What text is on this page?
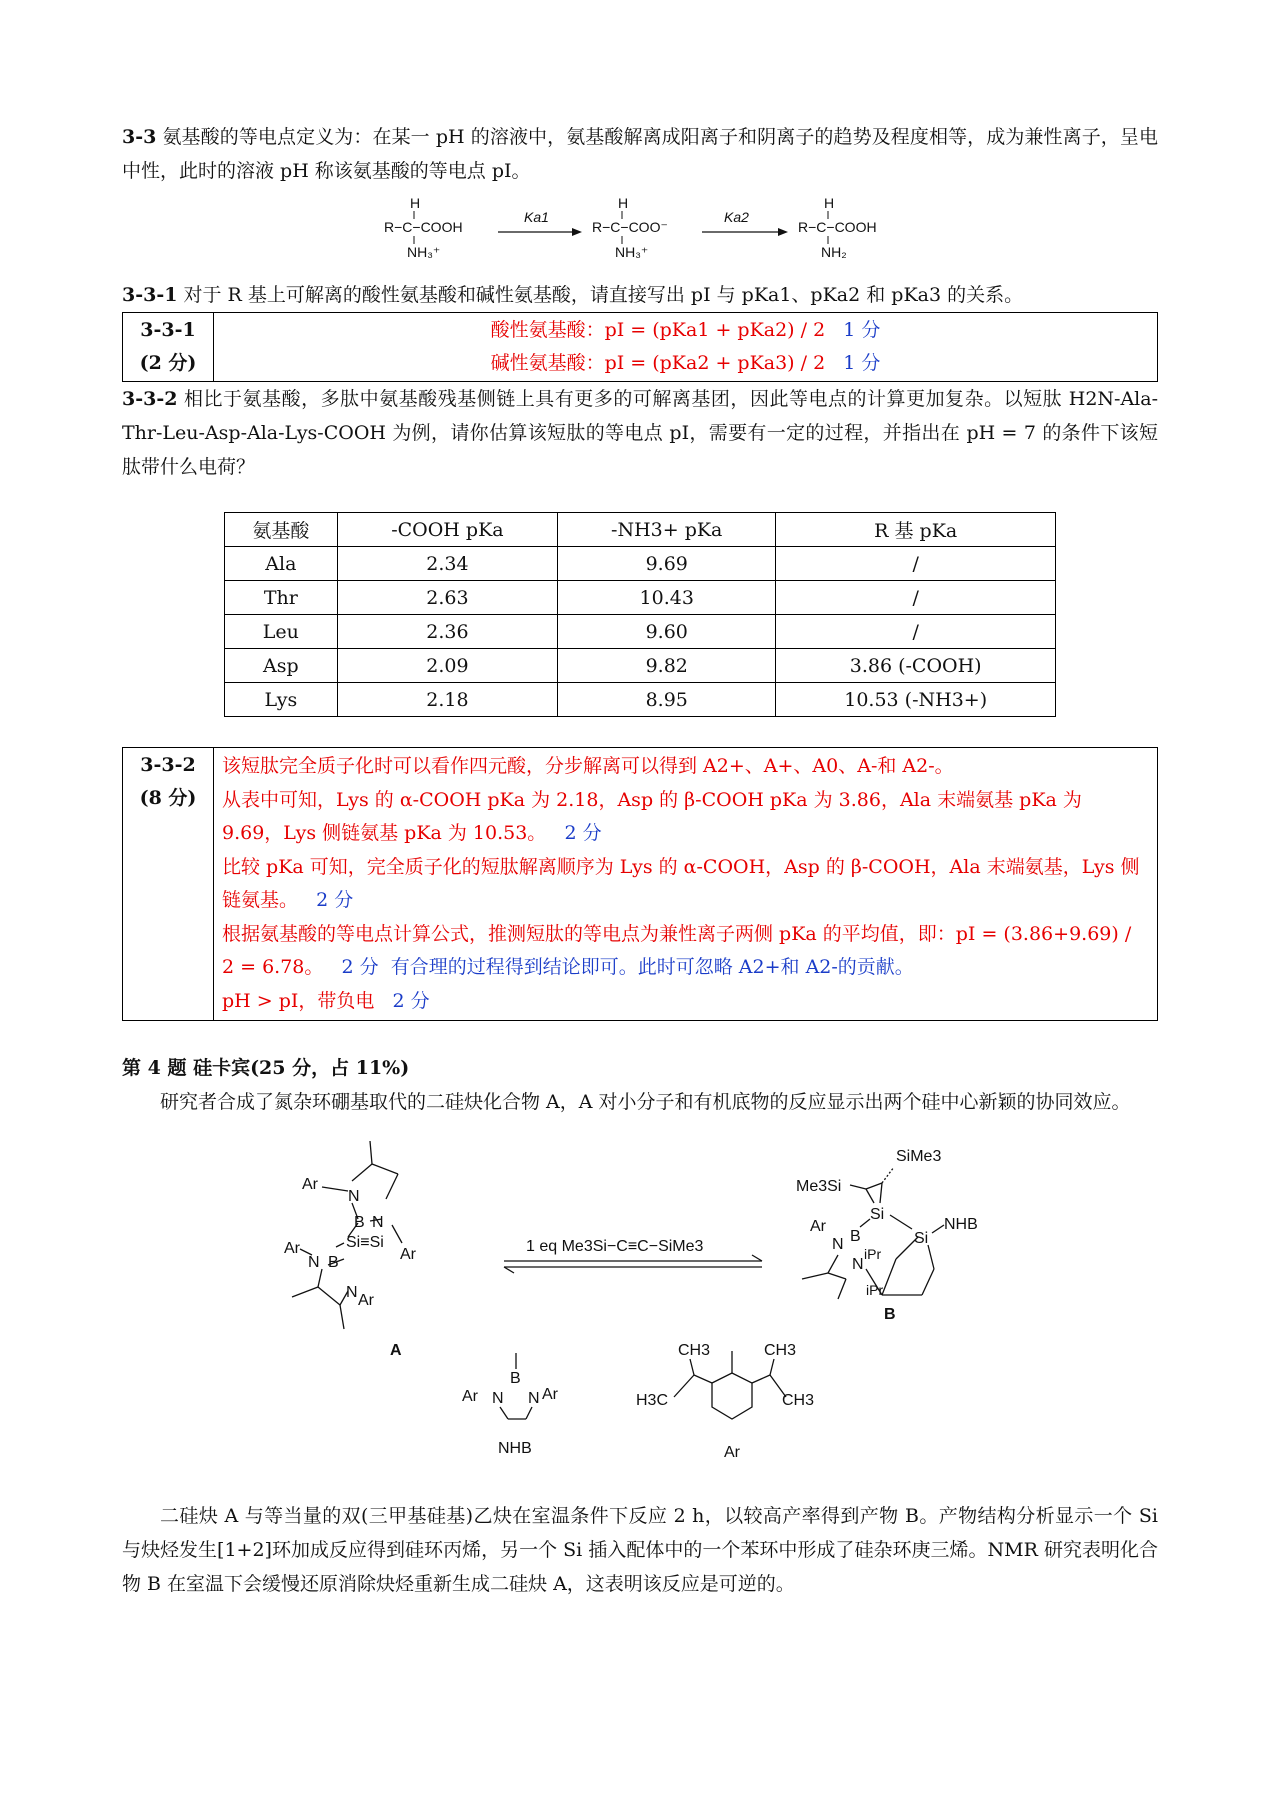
3-3 氨基酸的等电点定义为：在某一 pH 的溶液中，氨基酸解离成阳离子和阴离子的趋势及程度相等，成为兼性离子，呈电中性，此时的溶液 pH 称该氨基酸的等电点 pI。

H
R−C−COOH
NH₃⁺
Ka1
H
R−C−COO⁻
NH₃⁺
Ka2
H
R−C−COOH
NH₂

3-3-1 对于 R 基上可解离的酸性氨基酸和碱性氨基酸，请直接写出 pI 与 pKa1、pKa2 和 pKa3 的关系。

3-3-1
(2 分)

酸性氨基酸：pI = (pKa1 + pKa2) / 2 1 分
碱性氨基酸：pI = (pKa2 + pKa3) / 2 1 分

3-3-2 相比于氨基酸，多肽中氨基酸残基侧链上具有更多的可解离基团，因此等电点的计算更加复杂。以短肽 H2N-Ala-Thr-Leu-Asp-Ala-Lys-COOH 为例，请你估算该短肽的等电点 pI，需要有一定的过程，并指出在 pH = 7 的条件下该短肽带什么电荷？

氨基酸	-COOH pKa	-NH3+ pKa	R 基 pKa
Ala	2.34	9.69	/
Thr	2.63	10.43	/
Leu	2.36	9.60	/
Asp	2.09	9.82	3.86 (-COOH)
Lys	2.18	8.95	10.53 (-NH3+)
3-3-2
(8 分)

该短肽完全质子化时可以看作四元酸，分步解离可以得到 A2+、A+、A0、A-和 A2-。
从表中可知，Lys 的 α-COOH pKa 为 2.18，Asp 的 β-COOH pKa 为 3.86，Ala 末端氨基 pKa 为 9.69，Lys 侧链氨基 pKa 为 10.53。 2 分
比较 pKa 可知，完全质子化的短肽解离顺序为 Lys 的 α-COOH，Asp 的 β-COOH，Ala 末端氨基，Lys 侧链氨基。 2 分
根据氨基酸的等电点计算公式，推测短肽的等电点为兼性离子两侧 pKa 的平均值，即：pI = (3.86+9.69) / 2 = 6.78。 2 分 有合理的过程得到结论即可。此时可忽略 A2+和 A2-的贡献。
pH > pI，带负电 2 分

第 4 题 硅卡宾(25 分，占 11%)

研究者合成了氮杂环硼基取代的二硅炔化合物 A，A 对小分子和有机底物的反应显示出两个硅中心新颖的协同效应。

Ar
N
B N
Ar
Si≡Si
Ar
N B
N Ar
A
1 eq Me3Si−C≡C−SiMe3
SiMe3
Me3Si
Si
Si
NHB
Ar
N B
N
iPr
iPr
B
B
Ar N N Ar
NHB
CH3	CH3
H3C	CH3
Ar

二硅炔 A 与等当量的双(三甲基硅基)乙炔在室温条件下反应 2 h，以较高产率得到产物 B。产物结构分析显示一个 Si 与炔烃发生[1+2]环加成反应得到硅环丙烯，另一个 Si 插入配体中的一个苯环中形成了硅杂环庚三烯。NMR 研究表明化合物 B 在室温下会缓慢还原消除炔烃重新生成二硅炔 A，这表明该反应是可逆的。
